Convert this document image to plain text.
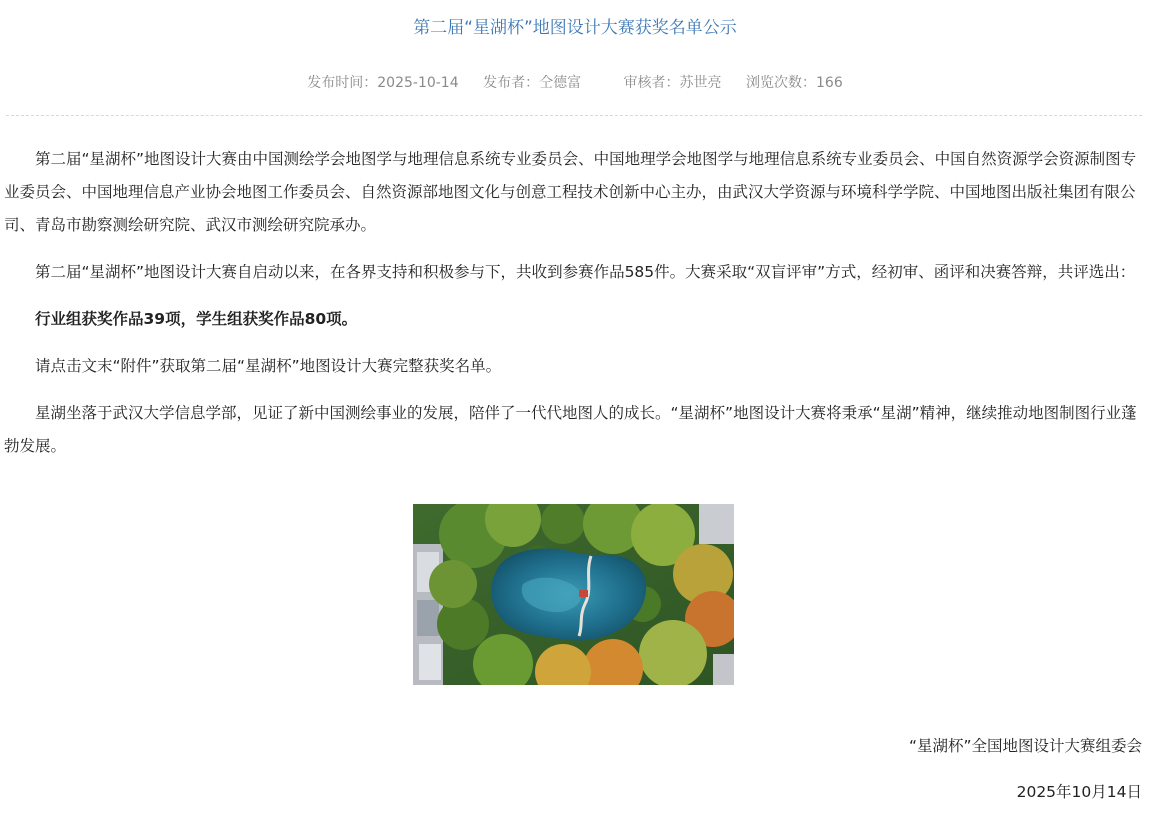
第二届“星湖杯”地图设计大赛获奖名单公示
发布时间：2025-10-14 发布者：仝德富	审核者：苏世亮 浏览次数：166

第二届“星湖杯”地图设计大赛由中国测绘学会地图学与地理信息系统专业委员会、中国地理学会地图学与地理信息系统专业委员会、中国自然资源学会资源制图专业委员会、中国地理信息产业协会地图工作委员会、自然资源部地图文化与创意工程技术创新中心主办，由武汉大学资源与环境科学学院、中国地图出版社集团有限公司、青岛市勘察测绘研究院、武汉市测绘研究院承办。

第二届“星湖杯”地图设计大赛自启动以来，在各界支持和积极参与下，共收到参赛作品585件。大赛采取“双盲评审”方式，经初审、函评和决赛答辩，共评选出：

行业组获奖作品39项，学生组获奖作品80项。

请点击文末“附件”获取第二届“星湖杯”地图设计大赛完整获奖名单。

星湖坐落于武汉大学信息学部，见证了新中国测绘事业的发展，陪伴了一代代地图人的成长。“星湖杯”地图设计大赛将秉承“星湖”精神，继续推动地图制图行业蓬勃发展。

“星湖杯”全国地图设计大赛组委会
2025年10月14日
